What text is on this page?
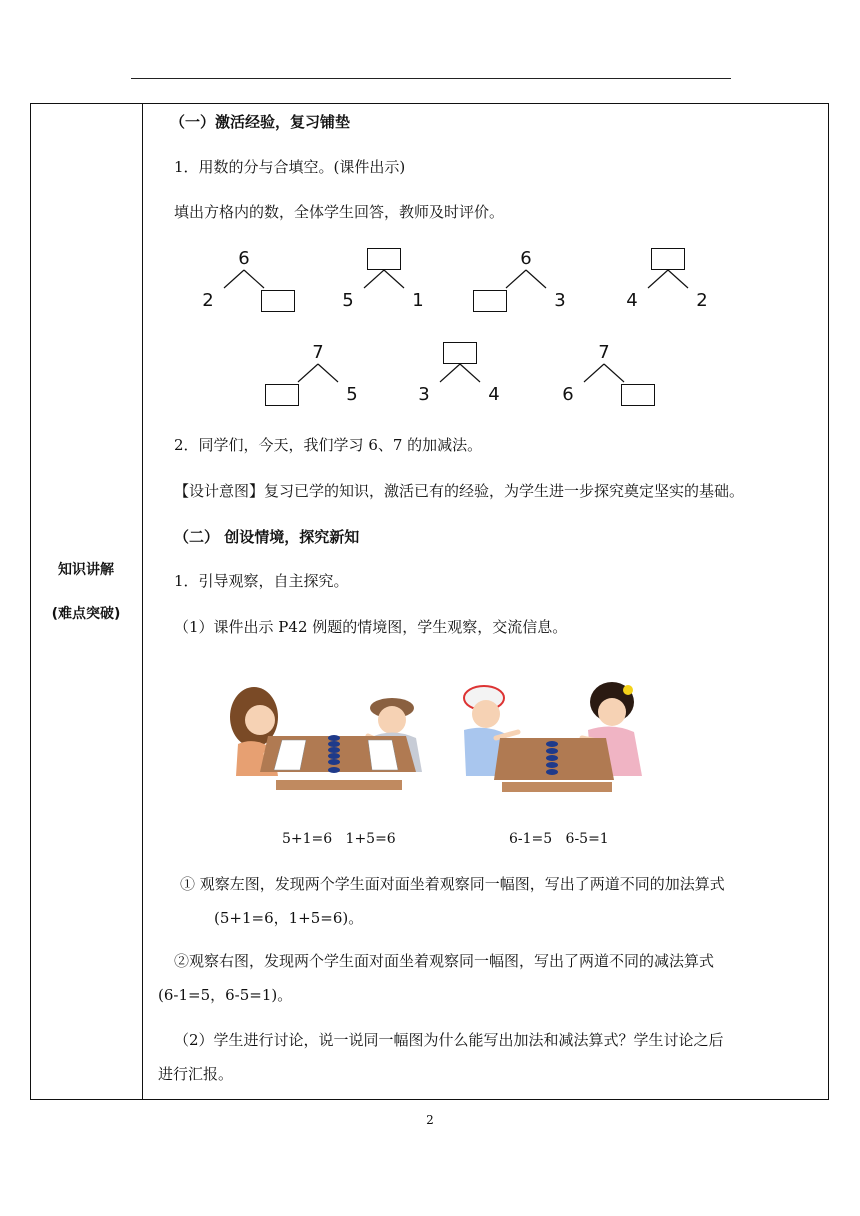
知识讲解
(难点突破)
（一）激活经验，复习铺垫
1．用数的分与合填空。(课件出示)
填出方格内的数，全体学生回答，教师及时评价。
6
2	5	1
6
3	4	2
7
5	3	4
7
6
2．同学们，今天，我们学习 6、7 的加减法。
【设计意图】复习已学的知识，激活已有的经验，为学生进一步探究奠定坚实的基础。
（二） 创设情境，探究新知
1．引导观察，自主探究。
（1）课件出示 P42 例题的情境图，学生观察，交流信息。
5+1=6   1+5=6	6-1=5   6-5=1
① 观察左图，发现两个学生面对面坐着观察同一幅图，写出了两道不同的加法算式
(5+1=6，1+5=6)。
②观察右图，发现两个学生面对面坐着观察同一幅图，写出了两道不同的减法算式
(6-1=5，6-5=1)。
（2）学生进行讨论，说一说同一幅图为什么能写出加法和减法算式？学生讨论之后
进行汇报。
2
